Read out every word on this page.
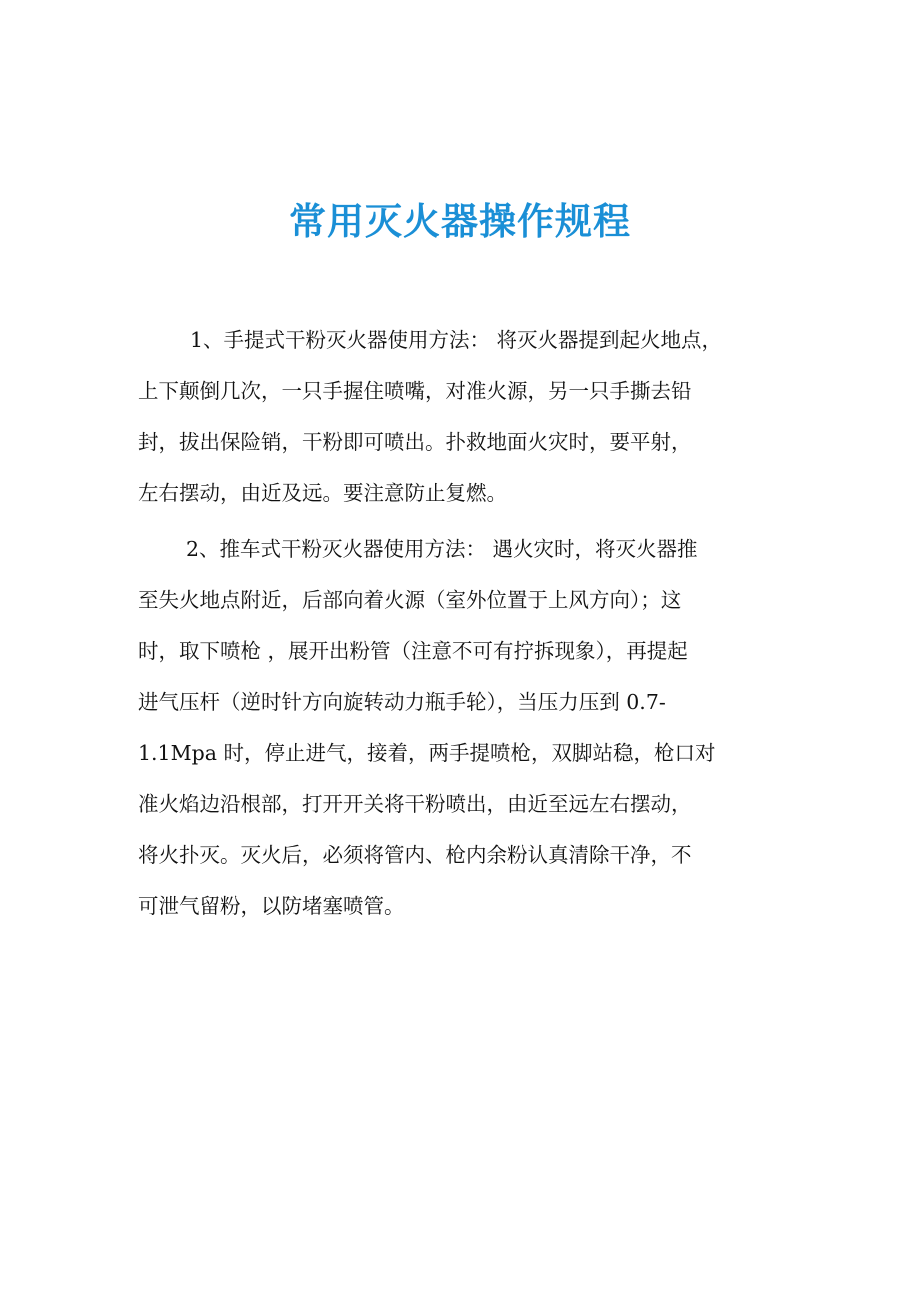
常用灭火器操作规程
1、手提式干粉灭火器使用方法： 将灭火器提到起火地点，
上下颠倒几次，一只手握住喷嘴，对准火源，另一只手撕去铅
封，拔出保险销，干粉即可喷出。扑救地面火灾时，要平射，
左右摆动，由近及远。要注意防止复燃。
2、推车式干粉灭火器使用方法： 遇火灾时，将灭火器推
至失火地点附近，后部向着火源（室外位置于上风方向）；这
时，取下喷枪 ，展开出粉管（注意不可有拧拆现象），再提起
进气压杆（逆时针方向旋转动力瓶手轮），当压力压到 0.7-
1.1Mpa 时，停止进气，接着，两手提喷枪，双脚站稳，枪口对
准火焰边沿根部，打开开关将干粉喷出，由近至远左右摆动，
将火扑灭。灭火后，必须将管内、枪内余粉认真清除干净，不
可泄气留粉，以防堵塞喷管。
